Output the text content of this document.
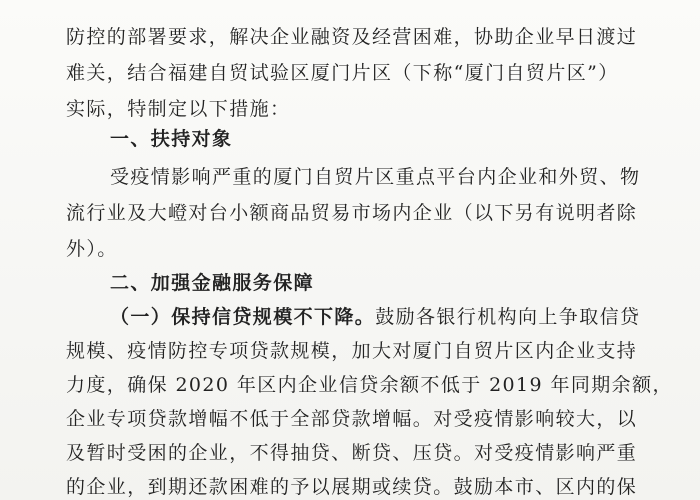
防控的部署要求，解决企业融资及经营困难，协助企业早日渡过
难关，结合福建自贸试验区厦门片区（下称“厦门自贸片区”）
实际，特制定以下措施：
一、扶持对象
受疫情影响严重的厦门自贸片区重点平台内企业和外贸、物
流行业及大嶝对台小额商品贸易市场内企业（以下另有说明者除
外）。
二、加强金融服务保障
（一）保持信贷规模不下降。鼓励各银行机构向上争取信贷
规模、疫情防控专项贷款规模，加大对厦门自贸片区内企业支持
力度，确保 2020 年区内企业信贷余额不低于 2019 年同期余额，
企业专项贷款增幅不低于全部贷款增幅。对受疫情影响较大，以
及暂时受困的企业，不得抽贷、断贷、压贷。对受疫情影响严重
的企业，到期还款困难的予以展期或续贷。鼓励本市、区内的保
